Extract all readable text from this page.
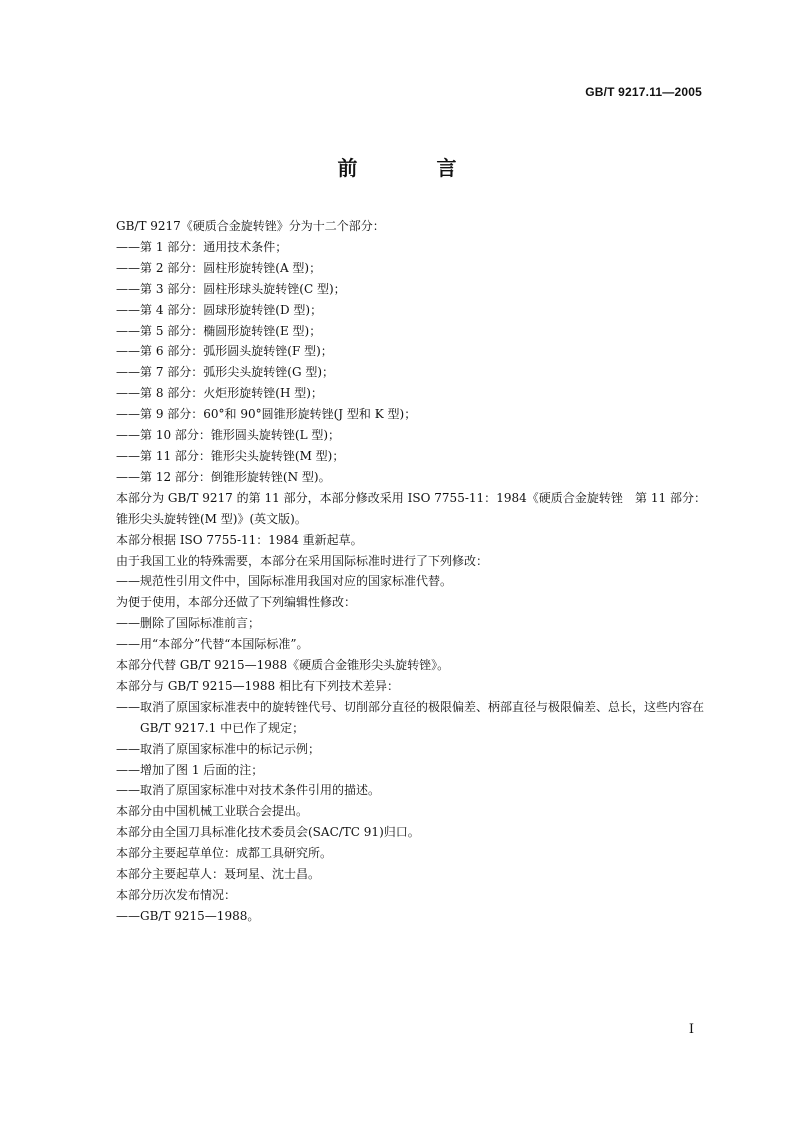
GB/T 9217.11—2005
前 言

GB/T 9217《硬质合金旋转锉》分为十二个部分：

——第 1 部分：通用技术条件；

——第 2 部分：圆柱形旋转锉(A 型)；

——第 3 部分：圆柱形球头旋转锉(C 型)；

——第 4 部分：圆球形旋转锉(D 型)；

——第 5 部分：椭圆形旋转锉(E 型)；

——第 6 部分：弧形圆头旋转锉(F 型)；

——第 7 部分：弧形尖头旋转锉(G 型)；

——第 8 部分：火炬形旋转锉(H 型)；

——第 9 部分：60°和 90°圆锥形旋转锉(J 型和 K 型)；

——第 10 部分：锥形圆头旋转锉(L 型)；

——第 11 部分：锥形尖头旋转锉(M 型)；

——第 12 部分：倒锥形旋转锉(N 型)。

本部分为 GB/T 9217 的第 11 部分，本部分修改采用 ISO 7755-11：1984《硬质合金旋转锉　第 11 部分：锥形尖头旋转锉(M 型)》(英文版)。

本部分根据 ISO 7755-11：1984 重新起草。

由于我国工业的特殊需要，本部分在采用国际标准时进行了下列修改：

——规范性引用文件中，国际标准用我国对应的国家标准代替。

为便于使用，本部分还做了下列编辑性修改：

——删除了国际标准前言；

——用“本部分”代替“本国际标准”。

本部分代替 GB/T 9215—1988《硬质合金锥形尖头旋转锉》。

本部分与 GB/T 9215—1988 相比有下列技术差异：

——取消了原国家标准表中的旋转锉代号、切削部分直径的极限偏差、柄部直径与极限偏差、总长，这些内容在 GB/T 9217.1 中已作了规定；

——取消了原国家标准中的标记示例；

——增加了图 1 后面的注；

——取消了原国家标准中对技术条件引用的描述。

本部分由中国机械工业联合会提出。

本部分由全国刀具标准化技术委员会(SAC/TC 91)归口。

本部分主要起草单位：成都工具研究所。

本部分主要起草人：聂珂星、沈士昌。

本部分历次发布情况：

——GB/T 9215—1988。

I
